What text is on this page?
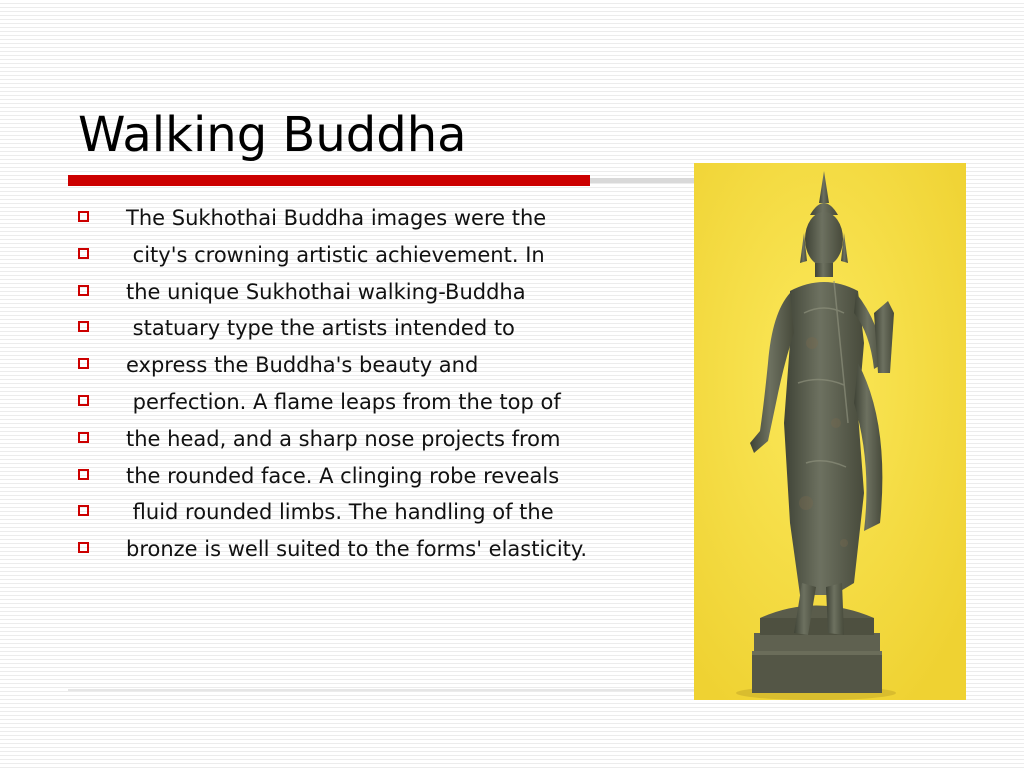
Walking Buddha
The Sukhothai Buddha images were the
city's crowning artistic achievement. In
the unique Sukhothai walking-Buddha
statuary type the artists intended to
express the Buddha's beauty and
perfection. A flame leaps from the top of
the head, and a sharp nose projects from
the rounded face. A clinging robe reveals
fluid rounded limbs. The handling of the
bronze is well suited to the forms' elasticity.
